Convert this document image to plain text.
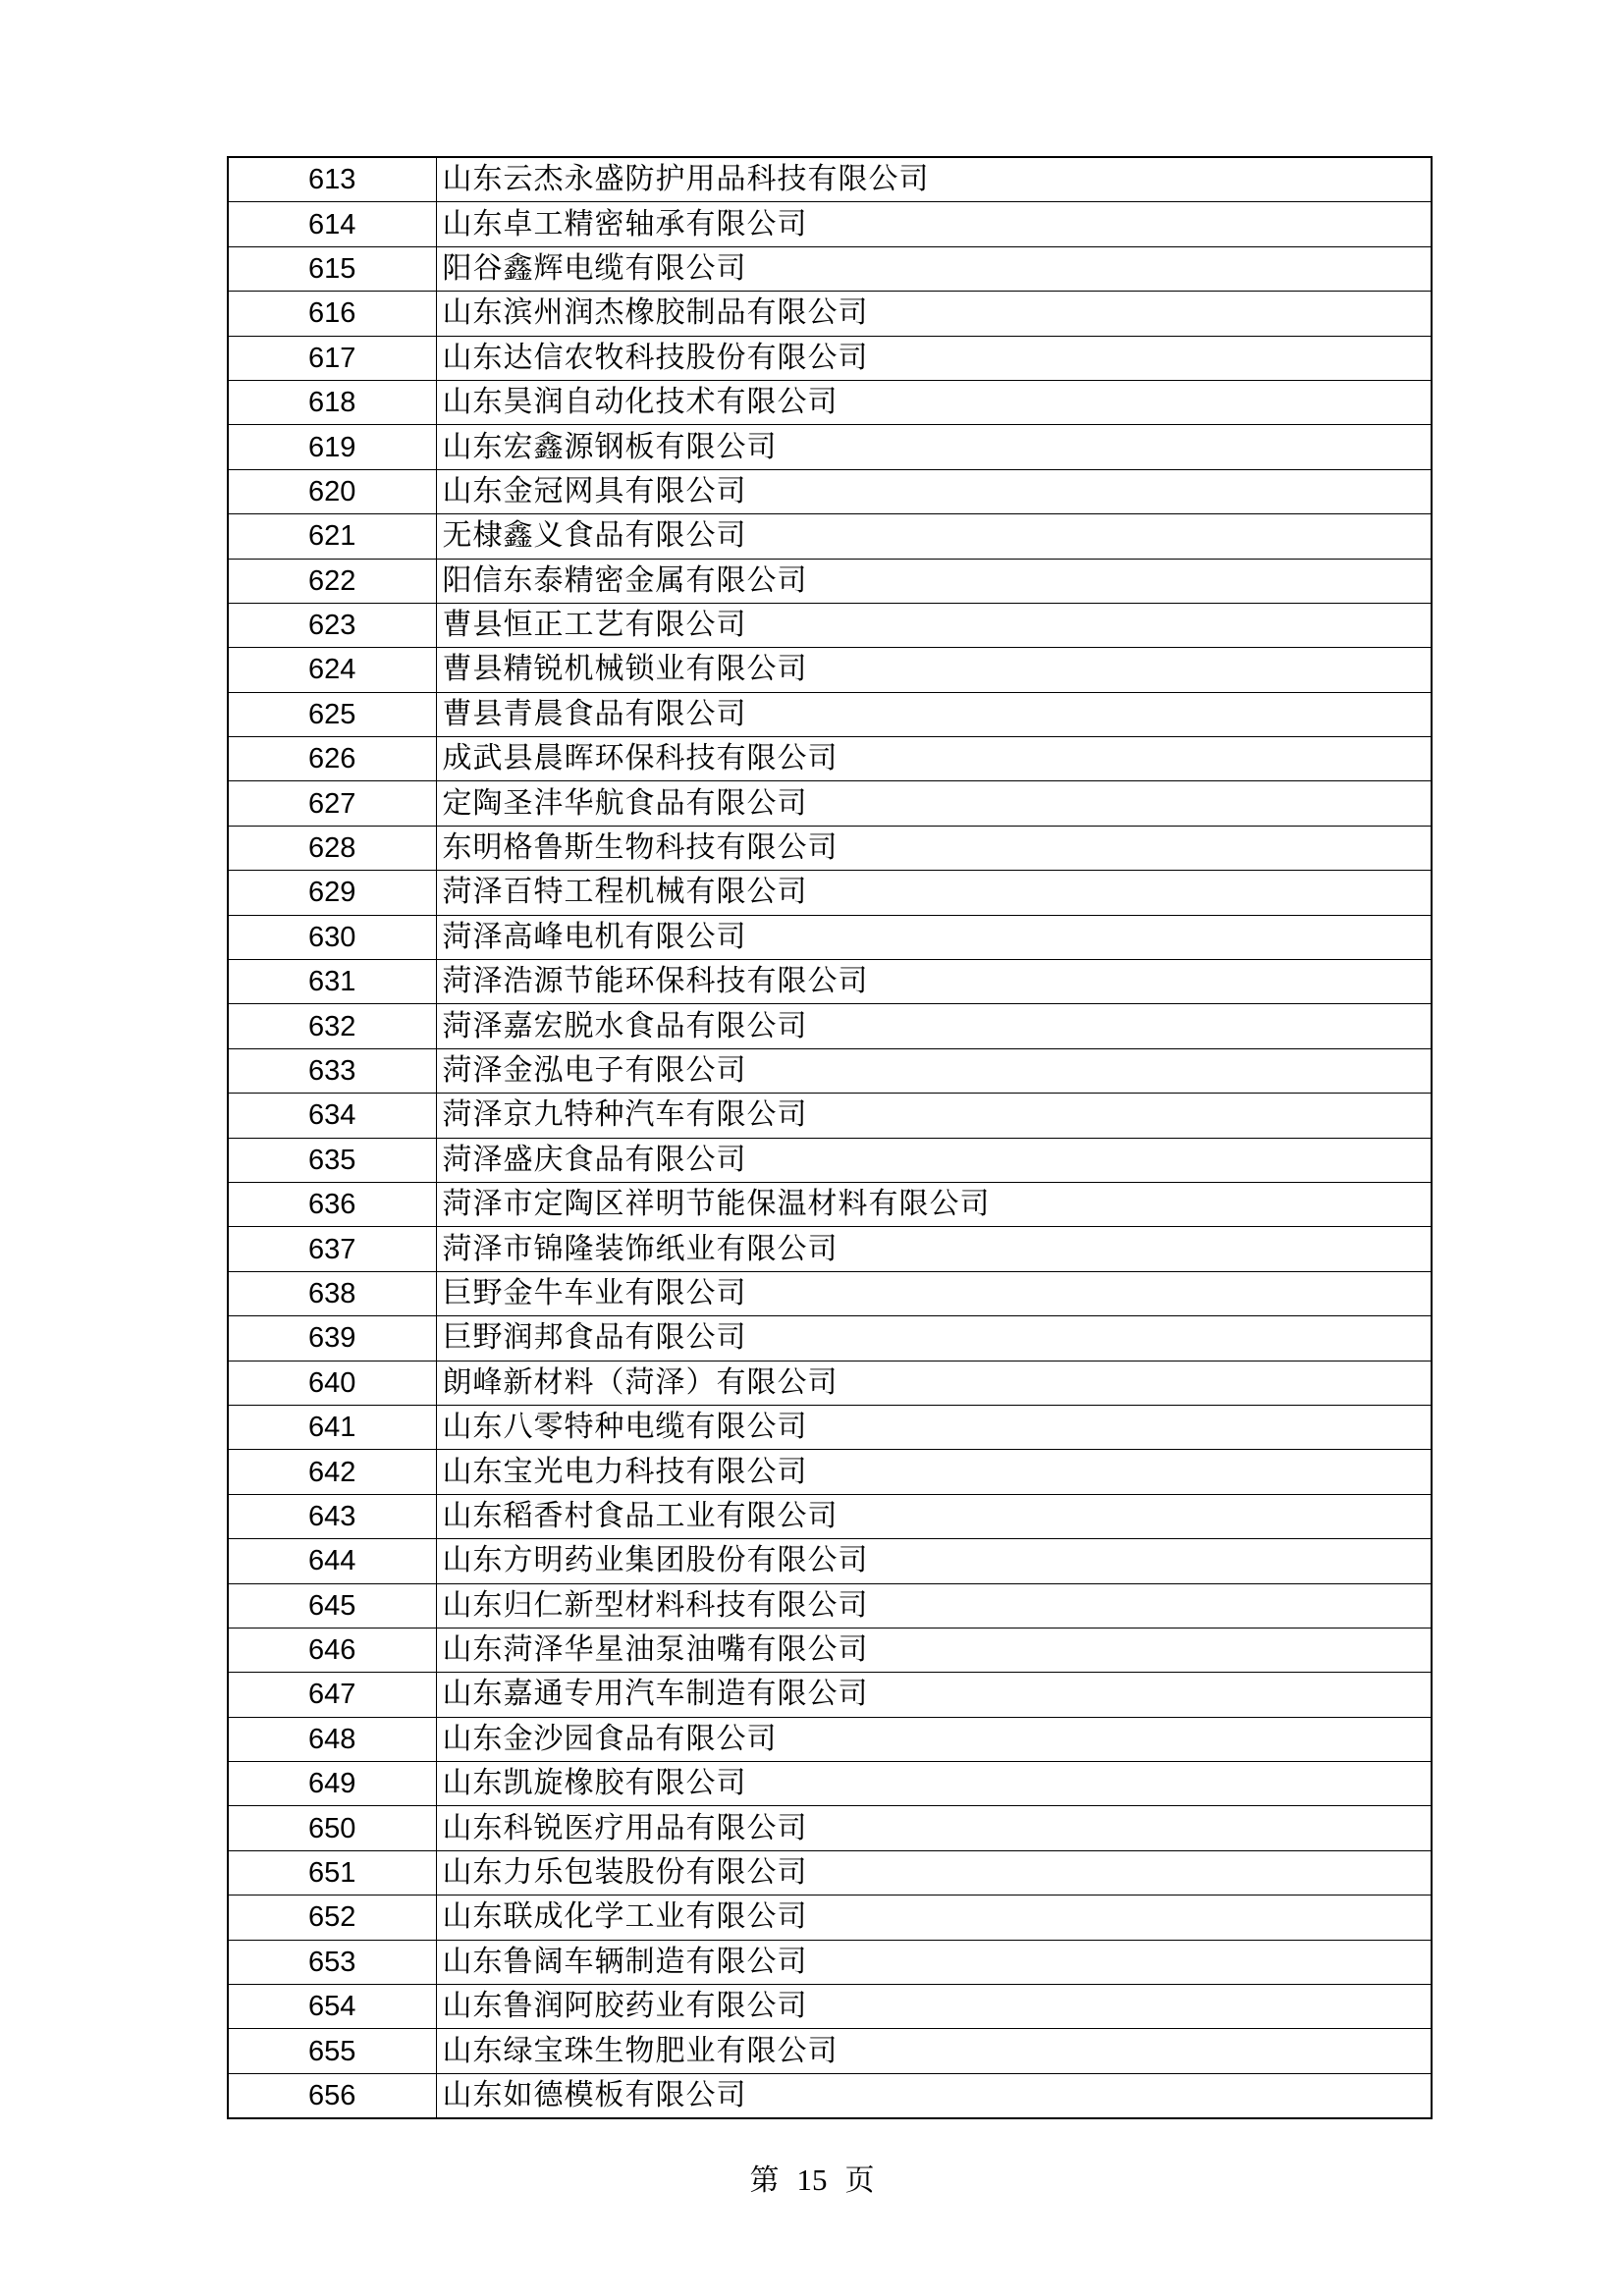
613	山东云杰永盛防护用品科技有限公司
614	山东卓工精密轴承有限公司
615	阳谷鑫辉电缆有限公司
616	山东滨州润杰橡胶制品有限公司
617	山东达信农牧科技股份有限公司
618	山东昊润自动化技术有限公司
619	山东宏鑫源钢板有限公司
620	山东金冠网具有限公司
621	无棣鑫义食品有限公司
622	阳信东泰精密金属有限公司
623	曹县恒正工艺有限公司
624	曹县精锐机械锁业有限公司
625	曹县青晨食品有限公司
626	成武县晨晖环保科技有限公司
627	定陶圣沣华航食品有限公司
628	东明格鲁斯生物科技有限公司
629	菏泽百特工程机械有限公司
630	菏泽高峰电机有限公司
631	菏泽浩源节能环保科技有限公司
632	菏泽嘉宏脱水食品有限公司
633	菏泽金泓电子有限公司
634	菏泽京九特种汽车有限公司
635	菏泽盛庆食品有限公司
636	菏泽市定陶区祥明节能保温材料有限公司
637	菏泽市锦隆装饰纸业有限公司
638	巨野金牛车业有限公司
639	巨野润邦食品有限公司
640	朗峰新材料（菏泽）有限公司
641	山东八零特种电缆有限公司
642	山东宝光电力科技有限公司
643	山东稻香村食品工业有限公司
644	山东方明药业集团股份有限公司
645	山东归仁新型材料科技有限公司
646	山东菏泽华星油泵油嘴有限公司
647	山东嘉通专用汽车制造有限公司
648	山东金沙园食品有限公司
649	山东凯旋橡胶有限公司
650	山东科锐医疗用品有限公司
651	山东力乐包装股份有限公司
652	山东联成化学工业有限公司
653	山东鲁阔车辆制造有限公司
654	山东鲁润阿胶药业有限公司
655	山东绿宝珠生物肥业有限公司
656	山东如德模板有限公司
第 15 页
